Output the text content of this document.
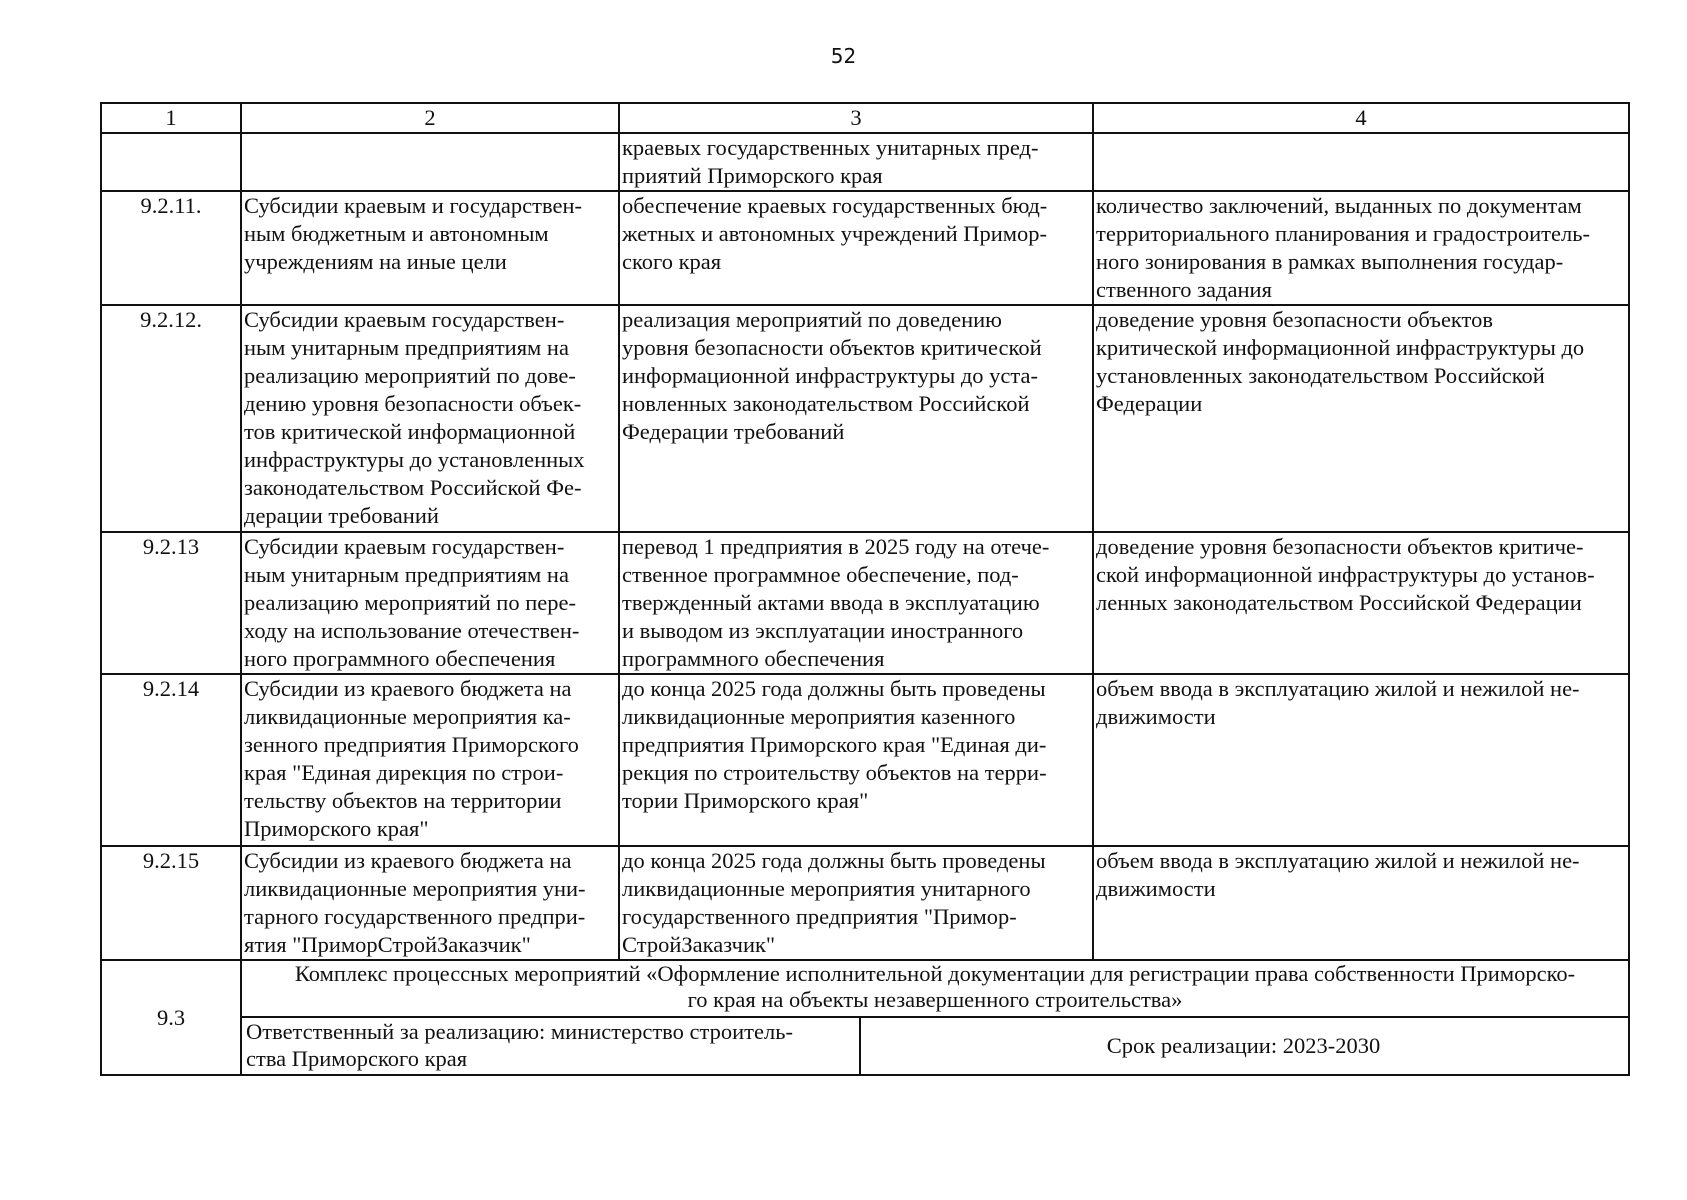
52
1	2	3	4
		краевых государственных унитарных пред-
приятий Приморского края	
9.2.11.	Субсидии краевым и государствен-
ным бюджетным и автономным
учреждениям на иные цели	обеспечение краевых государственных бюд-
жетных и автономных учреждений Примор-
ского края	количество заключений, выданных по документам
территориального планирования и градостроитель-
ного зонирования в рамках выполнения государ-
ственного задания
9.2.12.	Субсидии краевым государствен-
ным унитарным предприятиям на
реализацию мероприятий по дове-
дению уровня безопасности объек-
тов критической информационной
инфраструктуры до установленных
законодательством Российской Фе-
дерации требований	реализация мероприятий по доведению
уровня безопасности объектов критической
информационной инфраструктуры до уста-
новленных законодательством Российской
Федерации требований	доведение уровня безопасности объектов
критической информационной инфраструктуры до
установленных законодательством Российской
Федерации
9.2.13	Субсидии краевым государствен-
ным унитарным предприятиям на
реализацию мероприятий по пере-
ходу на использование отечествен-
ного программного обеспечения	перевод 1 предприятия в 2025 году на отече-
ственное программное обеспечение, под-
твержденный актами ввода в эксплуатацию
и выводом из эксплуатации иностранного
программного обеспечения	доведение уровня безопасности объектов критиче-
ской информационной инфраструктуры до установ-
ленных законодательством Российской Федерации
9.2.14	Субсидии из краевого бюджета на
ликвидационные мероприятия ка-
зенного предприятия Приморского
края "Единая дирекция по строи-
тельству объектов на территории
Приморского края"	до конца 2025 года должны быть проведены
ликвидационные мероприятия казенного
предприятия Приморского края "Единая ди-
рекция по строительству объектов на терри-
тории Приморского края"	объем ввода в эксплуатацию жилой и нежилой не-
движимости
9.2.15	Субсидии из краевого бюджета на
ликвидационные мероприятия уни-
тарного государственного предпри-
ятия "ПриморСтройЗаказчик"	до конца 2025 года должны быть проведены
ликвидационные мероприятия унитарного
государственного предприятия "Примор-
СтройЗаказчик"	объем ввода в эксплуатацию жилой и нежилой не-
движимости
9.3	Комплекс процессных мероприятий «Оформление исполнительной документации для регистрации права собственности Приморско-
го края на объекты незавершенного строительства»

Ответственный за реализацию: министерство строитель-
ства Приморского края	Срок реализации: 2023-2030
